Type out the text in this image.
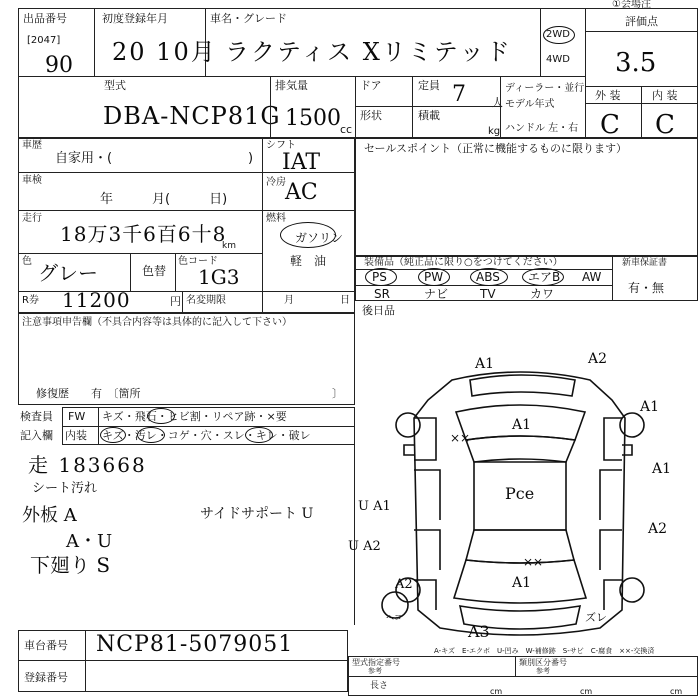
出品番号
[2047]
90
初度登録年月
20 10月
車名・グレード
ラクティス Xリミテッド
2WD
4WD
評価点
3.5
①会場注
型式
DBA-NCP81G
排気量
1500 cc
ドア	定員 7 人
形状	積載
kg
ディーラー・並行
モデル年式
ハンドル 左・右
外 装	内 装
C C
車歴
自家用・(	)
シフト
IAT
車検
年　　　月(　　　日)
冷房 AC
走行
18万3千6百6十8
km
燃料
ガソリン
軽　油
色 グレー	色替
色コード
1G3
R券 11200	円 名変期限	月	日
セールスポイント（正常に機能するものに限ります）
装備品（純正品に限り○をつけてください）	新車保証書
有・無
PS	PW	ABS エアB AW
SR	ナビ	TV	カワ
後日品
注意事項申告欄（不具合内容等は具体的に記入して下さい）
修復歴　　有　〔箇所	〕
検査員
記入欄
FW キズ・飛石・ヒビ割・リペア跡・×要
内装 キズ・汚レ・コゲ・穴・スレ・キレ・破レ
走 183668
シート汚れ
外板 A
A・U
下廻り S
サイドサポート U
A1	A2
A1
××
A1
A1
U A1
Pce
A2
U A2
××
A1
A2
ズレ
ヘコ
A3
A-キズ　E-エクボ　U-凹み　W-補修跡　S-サビ　C-腐食　××-交換済
車台番号 NCP81-5079051
登録番号
型式指定番号
参考
類別区分番号
参考
長さ
cm	cm	cm
